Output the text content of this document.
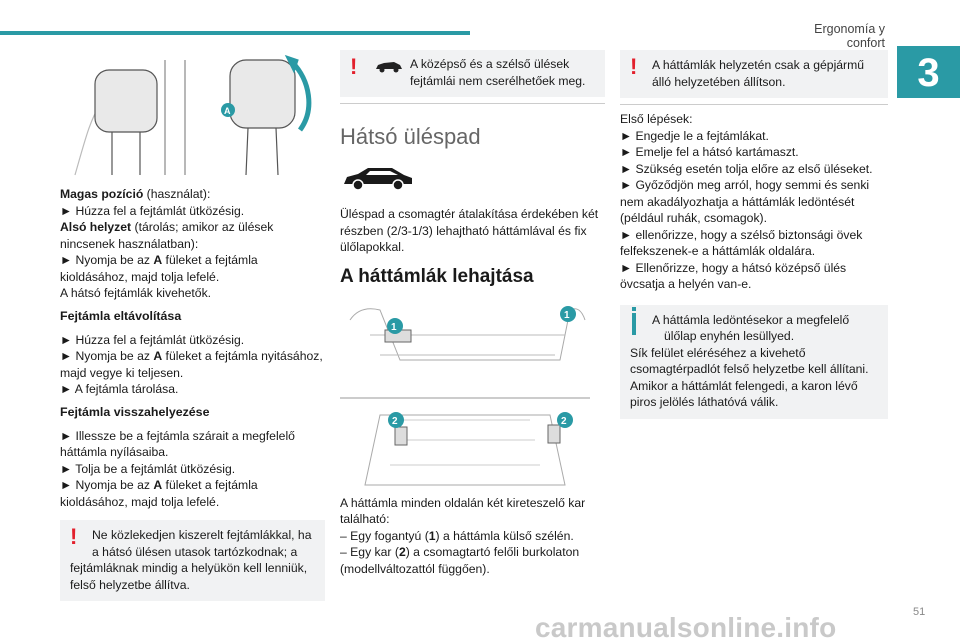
Ergonomía y confort
3
A

Magas pozíció (használat):

► Húzza fel a fejtámlát ütközésig.

Alsó helyzet (tárolás; amikor az ülések nincsenek használatban):

► Nyomja be az A füleket a fejtámla kioldásához, majd tolja lefelé.

A hátsó fejtámlák kivehetők.

Fejtámla eltávolítása

► Húzza fel a fejtámlát ütközésig.

► Nyomja be az A füleket a fejtámla nyitásához, majd vegye ki teljesen.

► A fejtámla tárolása.

Fejtámla visszahelyezése

► Illessze be a fejtámla szárait a megfelelő háttámla nyílásaiba.

► Tolja be a fejtámlát ütközésig.

► Nyomja be az A füleket a fejtámla kioldásához, majd tolja lefelé.

!	Ne közlekedjen kiszerelt fejtámlákkal, ha a hátsó ülésen utasok tartózkodnak; a
fejtámláknak mindig a helyükön kell lenniük, felső helyzetbe állítva.
!	A középső és a szélső ülések
fejtámlái nem cserélhetőek meg.
Hátsó üléspad

Üléspad a csomagtér átalakítása érdekében két részben (2/3-1/3) lehajtható háttámlával és fix ülőlapokkal.

A háttámlák lehajtása
1
1
2	2

A háttámla minden oldalán két kireteszelő kar található:

– Egy fogantyú (1) a háttámla külső szélén.

– Egy kar (2) a csomagtartó felőli burkolaton (modellváltozattól függően).

!	A háttámlák helyzetén csak a gépjármű
álló helyzetében állítson.

Első lépések:

► Engedje le a fejtámlákat.

► Emelje fel a hátsó kartámaszt.

► Szükség esetén tolja előre az első üléseket.

► Győződjön meg arról, hogy semmi és senki nem akadályozhatja a háttámlák ledöntését (például ruhák, csomagok).

► ellenőrizze, hogy a szélső biztonsági övek felfekszenek-e a háttámlák oldalára.

► Ellenőrizze, hogy a hátsó középső ülés övcsatja a helyén van-e.

A háttámla ledöntésekor a megfelelő
ülőlap enyhén lesüllyed.
Sík felület eléréséhez a kivehető csomagtérpadlót felső helyzetbe kell állítani. Amikor a háttámlát felengedi, a karon lévő piros jelölés láthatóvá válik.
51
carmanualsonline.info
